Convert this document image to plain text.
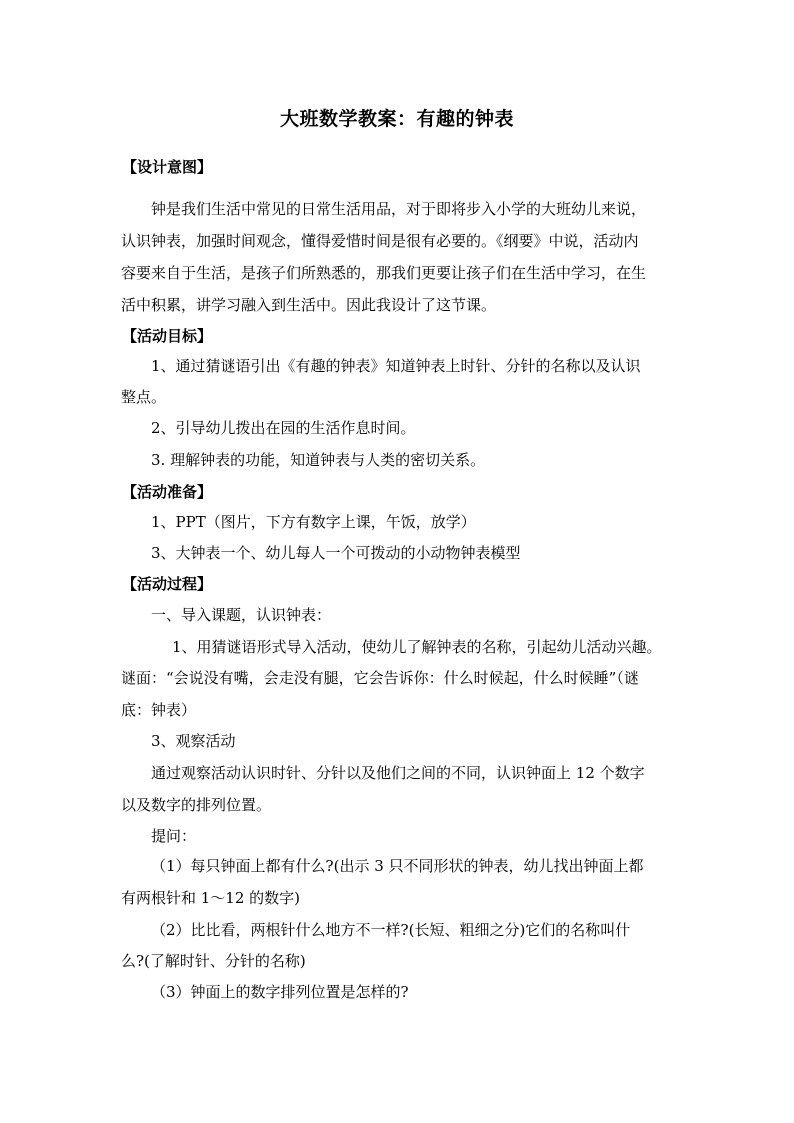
大班数学教案：有趣的钟表
【设计意图】
钟是我们生活中常见的日常生活用品，对于即将步入小学的大班幼儿来说，
认识钟表，加强时间观念，懂得爱惜时间是很有必要的。《纲要》中说，活动内
容要来自于生活，是孩子们所熟悉的，那我们更要让孩子们在生活中学习，在生
活中积累，讲学习融入到生活中。因此我设计了这节课。
【活动目标】
1、通过猜谜语引出《有趣的钟表》知道钟表上时针、分针的名称以及认识
整点。
2、引导幼儿拨出在园的生活作息时间。
3. 理解钟表的功能，知道钟表与人类的密切关系。
【活动准备】
1、PPT（图片，下方有数字上课，午饭，放学）
3、大钟表一个、幼儿每人一个可拨动的小动物钟表模型
【活动过程】
一、导入课题，认识钟表：
1、用猜谜语形式导入活动，使幼儿了解钟表的名称，引起幼儿活动兴趣。
谜面：“会说没有嘴，会走没有腿，它会告诉你：什么时候起，什么时候睡”（谜
底：钟表）
3、观察活动
通过观察活动认识时针、分针以及他们之间的不同，认识钟面上 12 个数字
以及数字的排列位置。
提问：
（1）每只钟面上都有什么?(出示 3 只不同形状的钟表，幼儿找出钟面上都
有两根针和 1～12 的数字)
（2）比比看，两根针什么地方不一样?(长短、粗细之分)它们的名称叫什
么?(了解时针、分针的名称)
（3）钟面上的数字排列位置是怎样的?
